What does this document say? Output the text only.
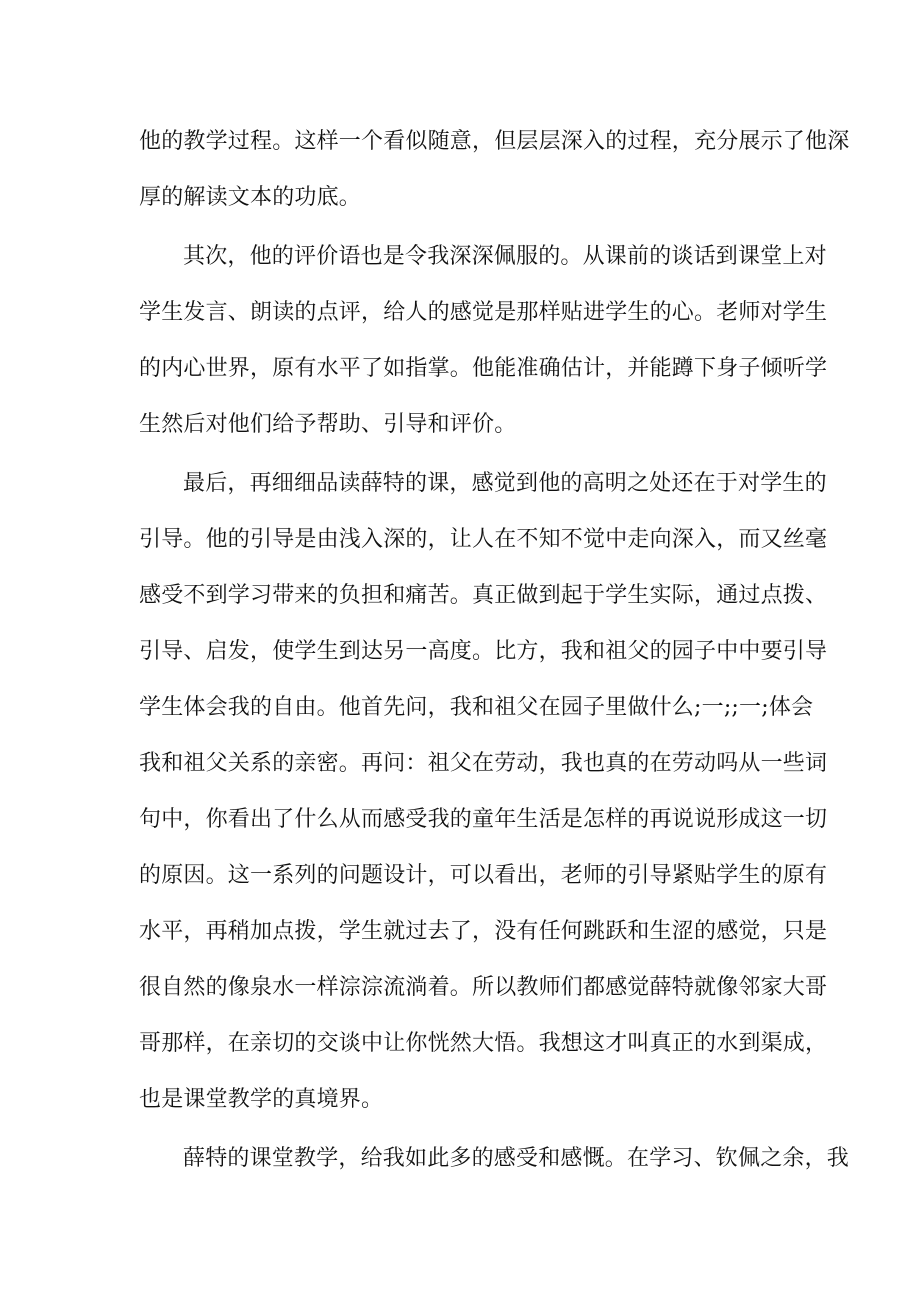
他的教学过程。这样一个看似随意，但层层深入的过程，充分展示了他深
厚的解读文本的功底。
其次，他的评价语也是令我深深佩服的。从课前的谈话到课堂上对
学生发言、朗读的点评，给人的感觉是那样贴进学生的心。老师对学生
的内心世界，原有水平了如指掌。他能准确估计，并能蹲下身子倾听学
生然后对他们给予帮助、引导和评价。
最后，再细细品读薛特的课，感觉到他的高明之处还在于对学生的
引导。他的引导是由浅入深的，让人在不知不觉中走向深入，而又丝毫
感受不到学习带来的负担和痛苦。真正做到起于学生实际，通过点拨、
引导、启发，使学生到达另一高度。比方，我和祖父的园子中中要引导
学生体会我的自由。他首先问，我和祖父在园子里做什么;一;;一;体会
我和祖父关系的亲密。再问：祖父在劳动，我也真的在劳动吗从一些词
句中，你看出了什么从而感受我的童年生活是怎样的再说说形成这一切
的原因。这一系列的问题设计，可以看出，老师的引导紧贴学生的原有
水平，再稍加点拨，学生就过去了，没有任何跳跃和生涩的感觉，只是
很自然的像泉水一样淙淙流淌着。所以教师们都感觉薛特就像邻家大哥
哥那样，在亲切的交谈中让你恍然大悟。我想这才叫真正的水到渠成，
也是课堂教学的真境界。
薛特的课堂教学，给我如此多的感受和感慨。在学习、钦佩之余，我
